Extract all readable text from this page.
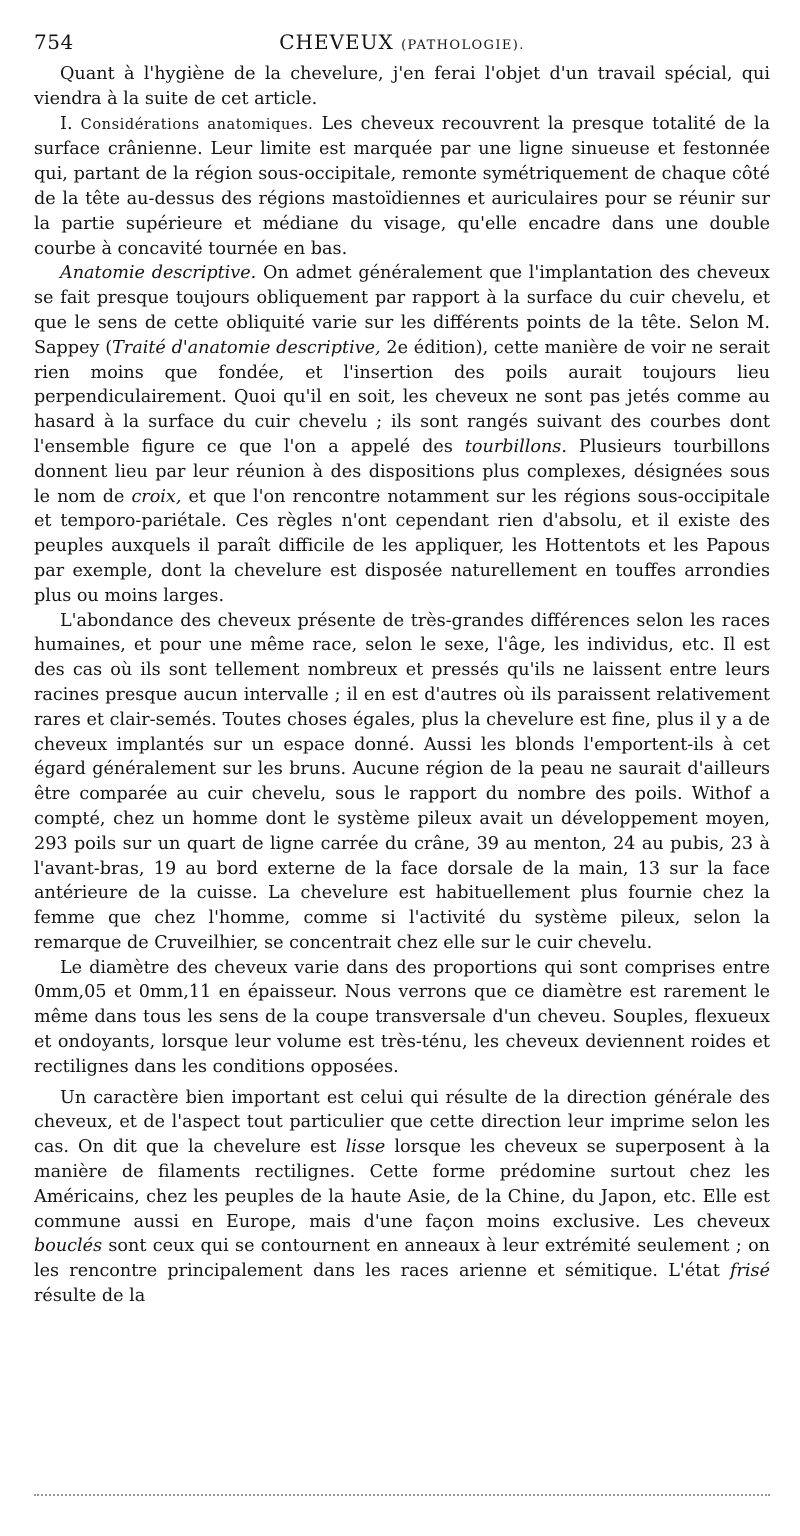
754	CHEVEUX (PATHOLOGIE).

Quant à l'hygiène de la chevelure, j'en ferai l'objet d'un travail spécial, qui viendra à la suite de cet article.

I. Considérations anatomiques. Les cheveux recouvrent la presque totalité de la surface crânienne. Leur limite est marquée par une ligne sinueuse et festonnée qui, partant de la région sous-occipitale, remonte symétriquement de chaque côté de la tête au-dessus des régions mastoïdiennes et auriculaires pour se réunir sur la partie supérieure et médiane du visage, qu'elle encadre dans une double courbe à concavité tournée en bas.

Anatomie descriptive. On admet généralement que l'implantation des cheveux se fait presque toujours obliquement par rapport à la surface du cuir chevelu, et que le sens de cette obliquité varie sur les différents points de la tête. Selon M. Sappey (Traité d'anatomie descriptive, 2e édition), cette manière de voir ne serait rien moins que fondée, et l'insertion des poils aurait toujours lieu perpendiculairement. Quoi qu'il en soit, les cheveux ne sont pas jetés comme au hasard à la surface du cuir chevelu ; ils sont rangés suivant des courbes dont l'ensemble figure ce que l'on a appelé des tourbillons. Plusieurs tourbillons donnent lieu par leur réunion à des dispositions plus complexes, désignées sous le nom de croix, et que l'on rencontre notamment sur les régions sous-occipitale et temporo-pariétale. Ces règles n'ont cependant rien d'absolu, et il existe des peuples auxquels il paraît difficile de les appliquer, les Hottentots et les Papous par exemple, dont la chevelure est disposée naturellement en touffes arrondies plus ou moins larges.

L'abondance des cheveux présente de très-grandes différences selon les races humaines, et pour une même race, selon le sexe, l'âge, les individus, etc. Il est des cas où ils sont tellement nombreux et pressés qu'ils ne laissent entre leurs racines presque aucun intervalle ; il en est d'autres où ils paraissent relativement rares et clair-semés. Toutes choses égales, plus la chevelure est fine, plus il y a de cheveux implantés sur un espace donné. Aussi les blonds l'emportent-ils à cet égard généralement sur les bruns. Aucune région de la peau ne saurait d'ailleurs être comparée au cuir chevelu, sous le rapport du nombre des poils. Withof a compté, chez un homme dont le système pileux avait un développement moyen, 293 poils sur un quart de ligne carrée du crâne, 39 au menton, 24 au pubis, 23 à l'avant-bras, 19 au bord externe de la face dorsale de la main, 13 sur la face antérieure de la cuisse. La chevelure est habituellement plus fournie chez la femme que chez l'homme, comme si l'activité du système pileux, selon la remarque de Cruveilhier, se concentrait chez elle sur le cuir chevelu.

Le diamètre des cheveux varie dans des proportions qui sont comprises entre 0mm,05 et 0mm,11 en épaisseur. Nous verrons que ce diamètre est rarement le même dans tous les sens de la coupe transversale d'un cheveu. Souples, flexueux et ondoyants, lorsque leur volume est très-ténu, les cheveux deviennent roides et rectilignes dans les conditions opposées.

Un caractère bien important est celui qui résulte de la direction générale des cheveux, et de l'aspect tout particulier que cette direction leur imprime selon les cas. On dit que la chevelure est lisse lorsque les cheveux se superposent à la manière de filaments rectilignes. Cette forme prédomine surtout chez les Américains, chez les peuples de la haute Asie, de la Chine, du Japon, etc. Elle est commune aussi en Europe, mais d'une façon moins exclusive. Les cheveux bouclés sont ceux qui se contournent en anneaux à leur extrémité seulement ; on les rencontre principalement dans les races arienne et sémitique. L'état frisé résulte de la
